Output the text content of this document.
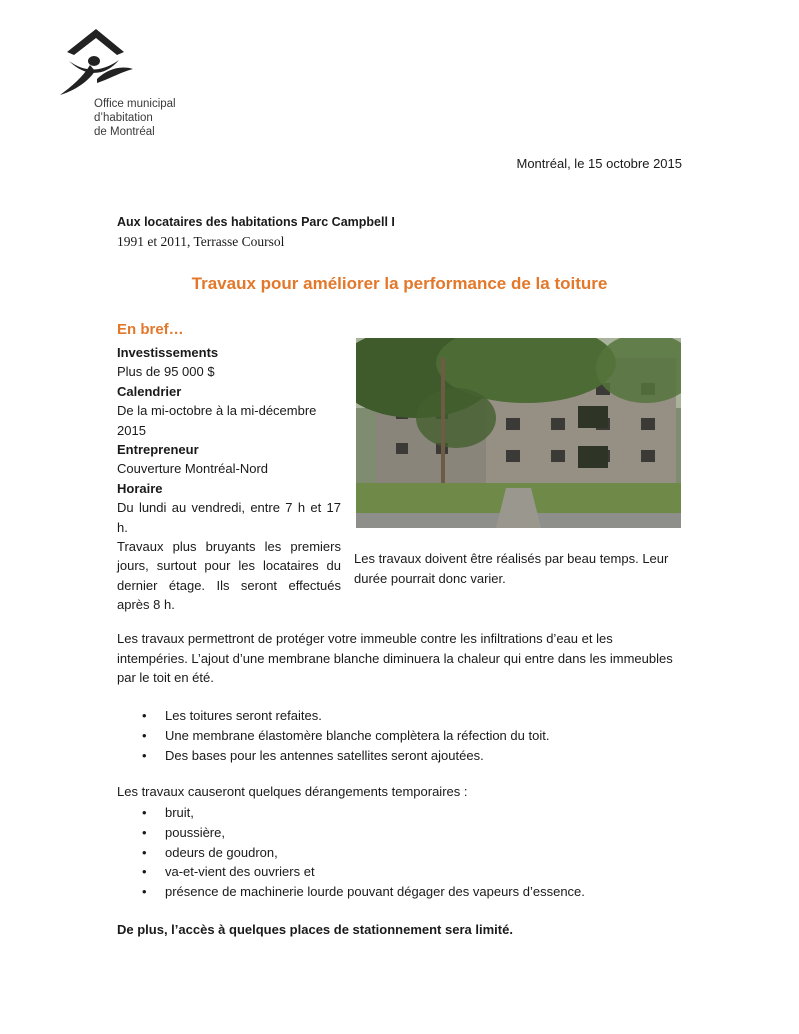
Office municipal
d’habitation
de Montréal
Montréal, le 15 octobre 2015
Aux locataires des habitations Parc Campbell I
1991 et 2011, Terrasse Coursol
Travaux pour améliorer la performance de la toiture
En bref…
Investissements
Plus de 95 000 $
Calendrier
De la mi-octobre à la mi-décembre 2015
Entrepreneur
Couverture Montréal-Nord
Horaire
Du lundi au vendredi, entre 7 h et 17 h.
Travaux plus bruyants les premiers jours, surtout pour les locataires du dernier étage. Ils seront effectués après 8 h.
Les travaux doivent être réalisés par beau temps. Leur durée pourrait donc varier.
Les travaux permettront de protéger votre immeuble contre les infiltrations d’eau et les intempéries. L’ajout d’une membrane blanche diminuera la chaleur qui entre dans les immeubles par le toit en été.
• Les toitures seront refaites.
• Une membrane élastomère blanche complètera la réfection du toit.
• Des bases pour les antennes satellites seront ajoutées.
Les travaux causeront quelques dérangements temporaires :
• bruit,
• poussière,
• odeurs de goudron,
• va-et-vient des ouvriers et
• présence de machinerie lourde pouvant dégager des vapeurs d’essence.
De plus, l’accès à quelques places de stationnement sera limité.
